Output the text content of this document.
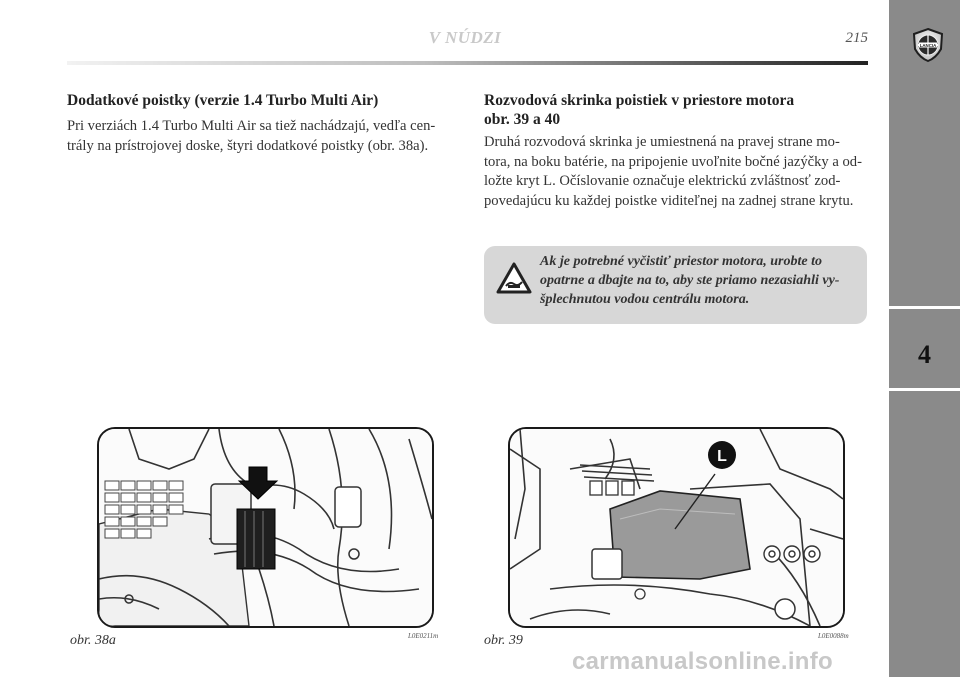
V NÚDZI	215	LANCIA
4
Dodatkové poistky (verzie 1.4 Turbo Multi Air)
Pri verziách 1.4 Turbo Multi Air sa tiež nachádzajú, vedľa cen-
trály na prístrojovej doske, štyri dodatkové poistky (obr. 38a).
Rozvodová skrinka poistiek v priestore motora
obr. 39 a 40
Druhá rozvodová skrinka je umiestnená na pravej strane mo-
tora, na boku batérie, na pripojenie uvoľnite bočné jazýčky a od-
ložte kryt L. Očíslovanie označuje elektrickú zvláštnosť zod-
povedajúcu ku každej poistke viditeľnej na zadnej strane krytu.
Ak je potrebné vyčistiť priestor motora, urobte to
opatrne a dbajte na to, aby ste priamo nezasiahli vy-
šplechnutou vodou centrálu motora.
obr. 38a	L0E0211m
L
obr. 39	L0E0088m
carmanualsonline.info
